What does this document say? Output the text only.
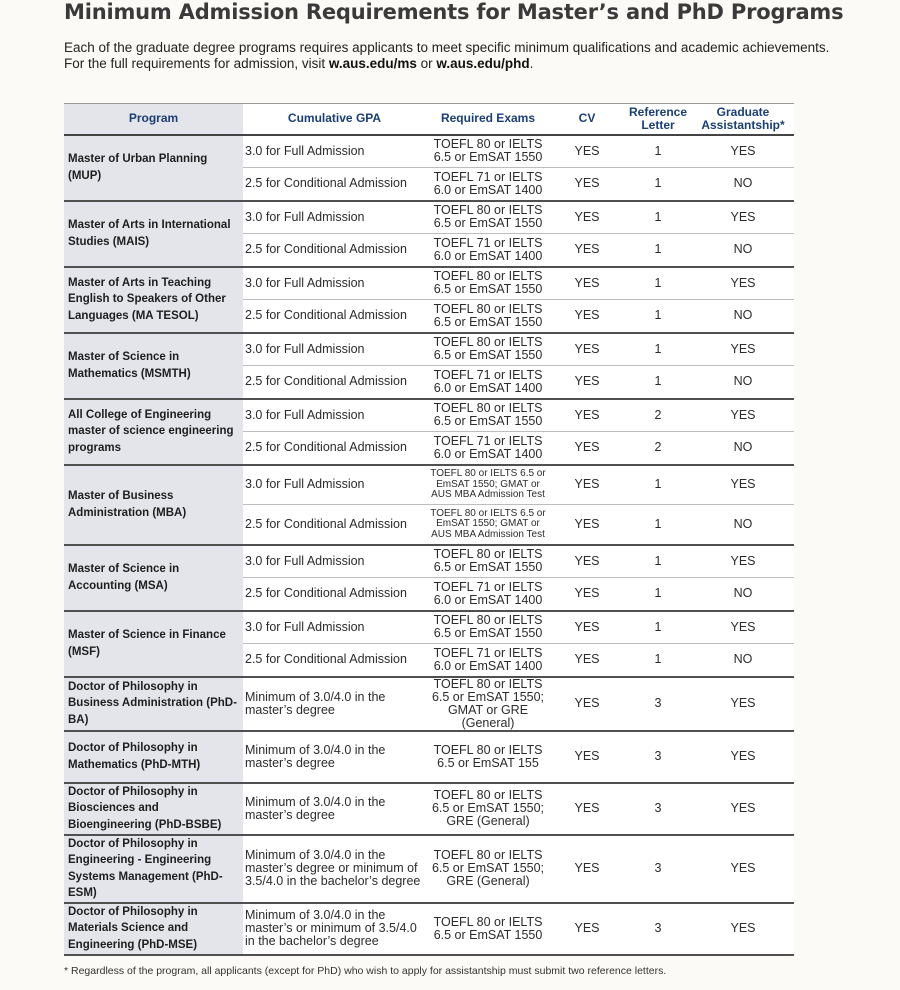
Minimum Admission Requirements for Master’s and PhD Programs
Each of the graduate degree programs requires applicants to meet specific minimum qualifications and academic achievements.
For the full requirements for admission, visit w.aus.edu/ms or w.aus.edu/phd.
Program	Cumulative GPA	Required Exams	CV	Reference Letter	Graduate Assistantship*
Master of Urban Planning (MUP)	3.0 for Full Admission	TOEFL 80 or IELTS 6.5 or EmSAT 1550	YES	1	YES
	2.5 for Conditional Admission	TOEFL 71 or IELTS 6.0 or EmSAT 1400	YES	1	NO
Master of Arts in International Studies (MAIS)	3.0 for Full Admission	TOEFL 80 or IELTS 6.5 or EmSAT 1550	YES	1	YES
	2.5 for Conditional Admission	TOEFL 71 or IELTS 6.0 or EmSAT 1400	YES	1	NO
Master of Arts in Teaching English to Speakers of Other Languages (MA TESOL)	3.0 for Full Admission	TOEFL 80 or IELTS 6.5 or EmSAT 1550	YES	1	YES
	2.5 for Conditional Admission	TOEFL 80 or IELTS 6.5 or EmSAT 1550	YES	1	NO
Master of Science in Mathematics (MSMTH)	3.0 for Full Admission	TOEFL 80 or IELTS 6.5 or EmSAT 1550	YES	1	YES
	2.5 for Conditional Admission	TOEFL 71 or IELTS 6.0 or EmSAT 1400	YES	1	NO
All College of Engineering master of science engineering programs	3.0 for Full Admission	TOEFL 80 or IELTS 6.5 or EmSAT 1550	YES	2	YES
	2.5 for Conditional Admission	TOEFL 71 or IELTS 6.0 or EmSAT 1400	YES	2	NO
Master of Business Administration (MBA)	3.0 for Full Admission	TOEFL 80 or IELTS 6.5 or EmSAT 1550; GMAT or AUS MBA Admission Test	YES	1	YES
	2.5 for Conditional Admission	TOEFL 80 or IELTS 6.5 or EmSAT 1550; GMAT or AUS MBA Admission Test	YES	1	NO
Master of Science in Accounting (MSA)	3.0 for Full Admission	TOEFL 80 or IELTS 6.5 or EmSAT 1550	YES	1	YES
	2.5 for Conditional Admission	TOEFL 71 or IELTS 6.0 or EmSAT 1400	YES	1	NO
Master of Science in Finance (MSF)	3.0 for Full Admission	TOEFL 80 or IELTS 6.5 or EmSAT 1550	YES	1	YES
	2.5 for Conditional Admission	TOEFL 71 or IELTS 6.0 or EmSAT 1400	YES	1	NO
Doctor of Philosophy in Business Administration (PhD-BA)	Minimum of 3.0/4.0 in the master’s degree	TOEFL 80 or IELTS 6.5 or EmSAT 1550; GMAT or GRE (General)	YES	3	YES
Doctor of Philosophy in Mathematics (PhD-MTH)	Minimum of 3.0/4.0 in the master’s degree	TOEFL 80 or IELTS 6.5 or EmSAT 155	YES	3	YES
Doctor of Philosophy in Biosciences and Bioengineering (PhD-BSBE)	Minimum of 3.0/4.0 in the master’s degree	TOEFL 80 or IELTS 6.5 or EmSAT 1550; GRE (General)	YES	3	YES
Doctor of Philosophy in Engineering - Engineering Systems Management (PhD-ESM)	Minimum of 3.0/4.0 in the master’s degree or minimum of 3.5/4.0 in the bachelor’s degree	TOEFL 80 or IELTS 6.5 or EmSAT 1550; GRE (General)	YES	3	YES
Doctor of Philosophy in Materials Science and Engineering (PhD-MSE)	Minimum of 3.0/4.0 in the master’s or minimum of 3.5/4.0 in the bachelor’s degree	TOEFL 80 or IELTS 6.5 or EmSAT 1550	YES	3	YES
* Regardless of the program, all applicants (except for PhD) who wish to apply for assistantship must submit two reference letters.
